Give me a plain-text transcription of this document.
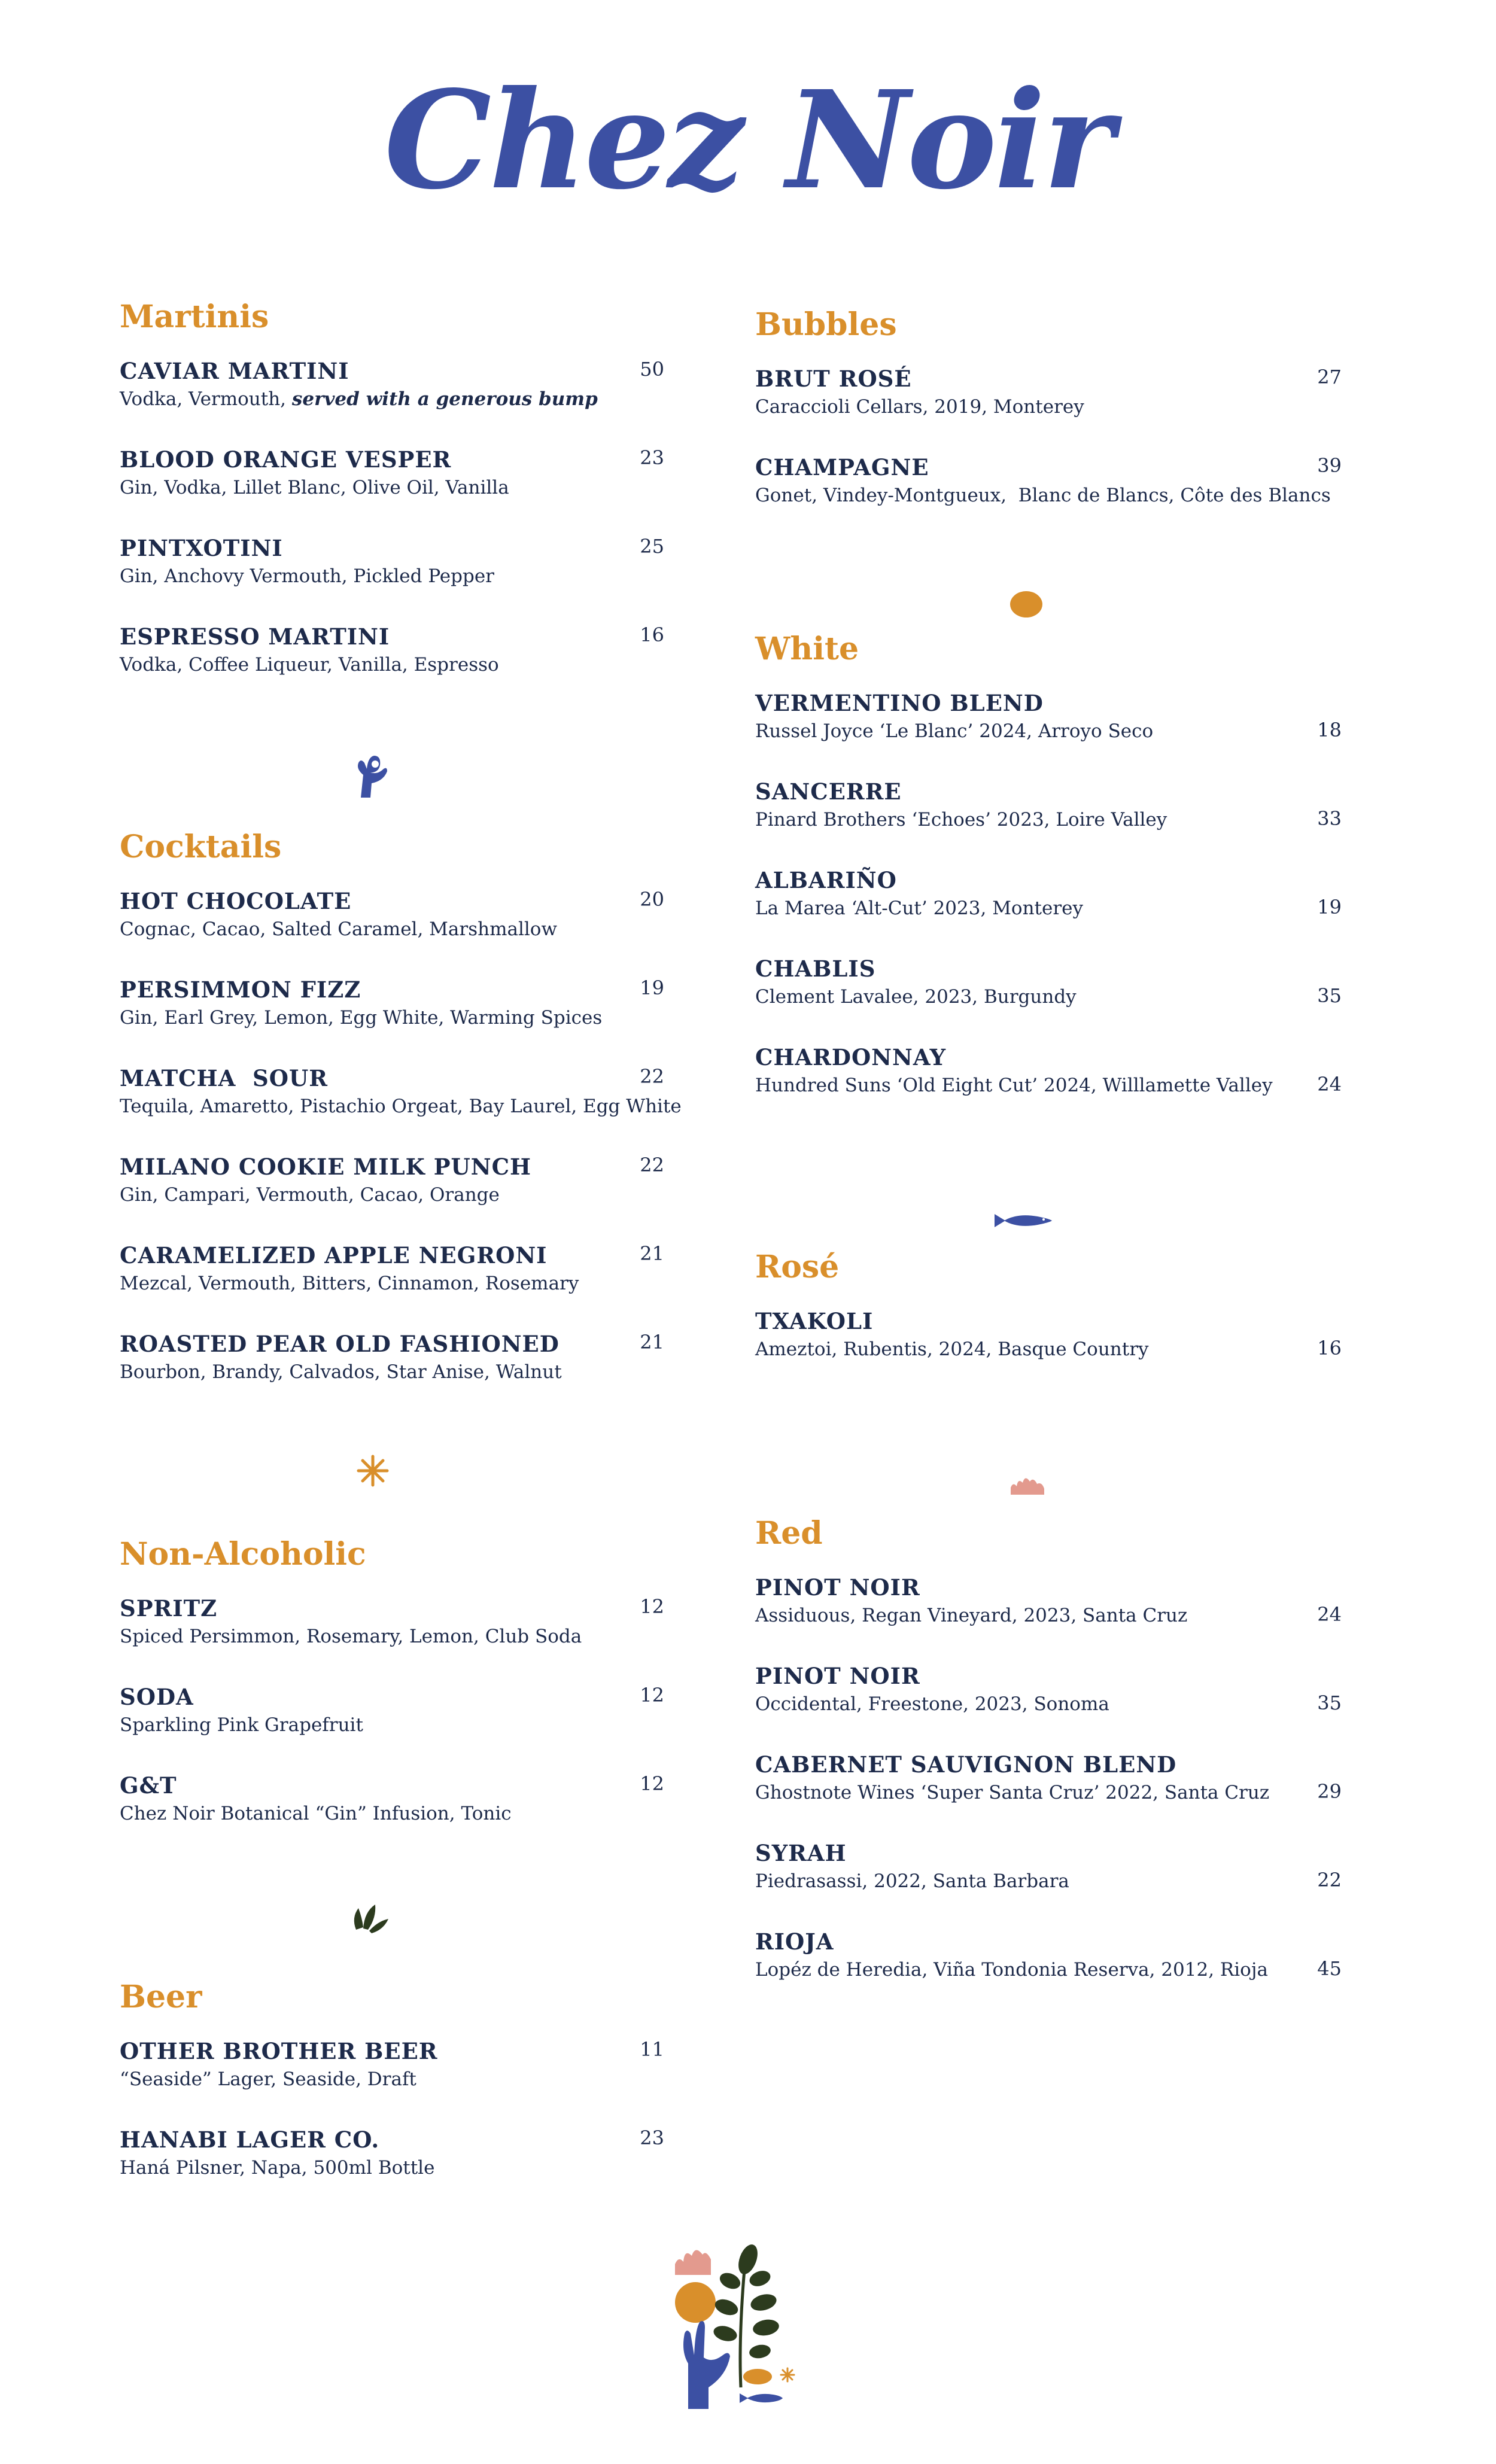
Chez Noir
Martinis
CAVIAR MARTINI
Vodka, Vermouth, served with a generous bump
50
BLOOD ORANGE VESPER
Gin, Vodka, Lillet Blanc, Olive Oil, Vanilla
23
PINTXOTINI
Gin, Anchovy Vermouth, Pickled Pepper
25
ESPRESSO MARTINI
Vodka, Coffee Liqueur, Vanilla, Espresso
16
Cocktails
HOT CHOCOLATE
Cognac, Cacao, Salted Caramel, Marshmallow
20
PERSIMMON FIZZ
Gin, Earl Grey, Lemon, Egg White, Warming Spices
19
MATCHA  SOUR
Tequila, Amaretto, Pistachio Orgeat, Bay Laurel, Egg White
22
MILANO COOKIE MILK PUNCH
Gin, Campari, Vermouth, Cacao, Orange
22
CARAMELIZED APPLE NEGRONI
Mezcal, Vermouth, Bitters, Cinnamon, Rosemary
21
ROASTED PEAR OLD FASHIONED
Bourbon, Brandy, Calvados, Star Anise, Walnut
21
Non-Alcoholic
SPRITZ
Spiced Persimmon, Rosemary, Lemon, Club Soda
12
SODA
Sparkling Pink Grapefruit
12
G&T
Chez Noir Botanical “Gin” Infusion, Tonic
12
Beer
OTHER BROTHER BEER
“Seaside” Lager, Seaside, Draft
11
HANABI LAGER CO.
Haná Pilsner, Napa, 500ml Bottle
23
Bubbles
BRUT ROSÉ
Caraccioli Cellars, 2019, Monterey
27
CHAMPAGNE
Gonet, Vindey-Montgueux,  Blanc de Blancs, Côte des Blancs
39
White
VERMENTINO BLEND
Russel Joyce ‘Le Blanc’ 2024, Arroyo Seco	18
SANCERRE
Pinard Brothers ‘Echoes’ 2023, Loire Valley	33
ALBARIÑO
La Marea ‘Alt-Cut’ 2023, Monterey	19
CHABLIS
Clement Lavalee, 2023, Burgundy	35
CHARDONNAY
Hundred Suns ‘Old Eight Cut’ 2024, Willlamette Valley 24
Rosé
TXAKOLI
Ameztoi, Rubentis, 2024, Basque Country	16
Red
PINOT NOIR
Assiduous, Regan Vineyard, 2023, Santa Cruz	24
PINOT NOIR
Occidental, Freestone, 2023, Sonoma	35
CABERNET SAUVIGNON BLEND
Ghostnote Wines ‘Super Santa Cruz’ 2022, Santa Cruz	29
SYRAH
Piedrasassi, 2022, Santa Barbara	22
RIOJA
Lopéz de Heredia, Viña Tondonia Reserva, 2012, Rioja	45
